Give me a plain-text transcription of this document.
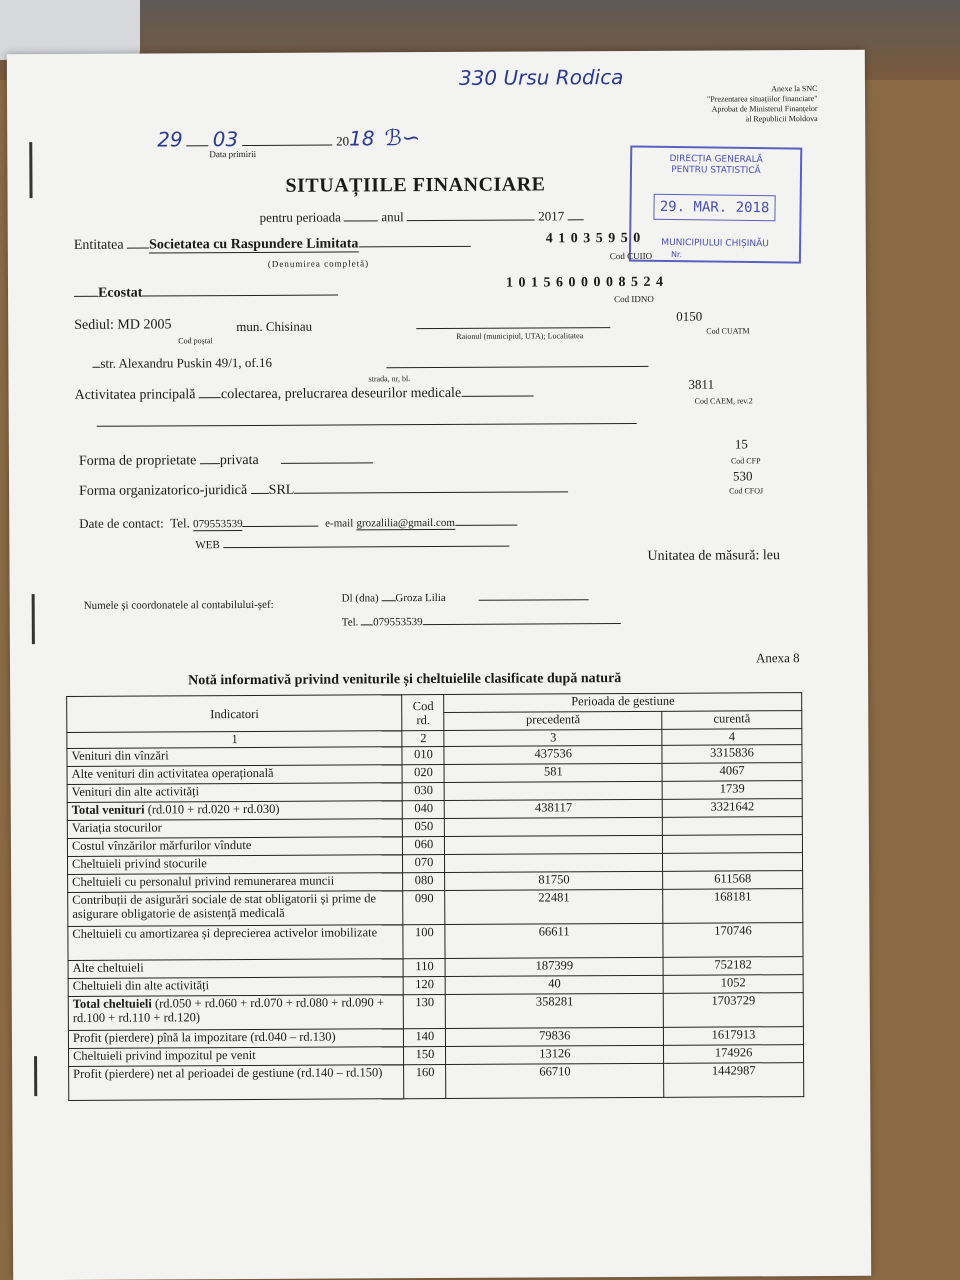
330 Ursu Rodica	Anexe la SNC
"Prezentarea situațiilor financiare"
Aprobat de Ministerul Finanțelor
al Republicii Moldova
29 03	2018 ℬ∽
Data primirii	DIRECȚIA GENERALĂ
PENTRU STATISTICĂ
29. MAR. 2018
MUNICIPIULUI CHIȘINĂU
Nr.
SITUAȚIILE FINANCIARE
pentru perioada	anul	2017
Entitatea Societatea cu Raspundere Limitata	4 1 0 3 5 9 5 0
Cod CUIIO
(Denumirea completă)
Ecostat
1 0 1 5 6 0 0 0 0 8 5 2 4
Cod IDNO
Sediul: MD 2005
Cod poștal
mun. Chisinau
Raionul (municipiul, UTA); Localitatea
0150
Cod CUATM
str. Alexandru Puskin 49/1, of.16
strada, nr, bl.
Activitatea principală colectarea, prelucrarea deseurilor medicale
3811
Cod CAEM, rev.2
Forma de proprietate privata
15
Cod CFP
Forma organizatorico-juridică SRL
530
Cod CFOJ
Date de contact: Tel. 079553539	e-mail grozalilia@gmail.com
WEB
Unitatea de măsură: leu
Numele și coordonatele al contabilului-șef:
Dl (dna) Groza Lilia
Tel. 079553539
Anexa 8
Notă informativă privind veniturile și cheltuielile clasificate după natură
Indicatori	Cod rd.	Perioada de gestiune	
		precedentă	curentă
1	2	3	4
Venituri din vînzări	010	437536	3315836
Alte venituri din activitatea operațională	020	581	4067
Venituri din alte activități	030		1739
Total venituri (rd.010 + rd.020 + rd.030)	040	438117	3321642
Variația stocurilor	050		
Costul vînzărilor mărfurilor vîndute	060		
Cheltuieli privind stocurile	070		
Cheltuieli cu personalul privind remunerarea muncii	080	81750	611568
Contribuții de asigurări sociale de stat obligatorii și prime de asigurare obligatorie de asistență medicală	090	22481	168181
Cheltuieli cu amortizarea și deprecierea activelor imobilizate	100	66611	170746
Alte cheltuieli	110	187399	752182
Cheltuieli din alte activități	120	40	1052
Total cheltuieli (rd.050 + rd.060 + rd.070 + rd.080 + rd.090 + rd.100 + rd.110 + rd.120)	130	358281	1703729
Profit (pierdere) pînă la impozitare (rd.040 – rd.130)	140	79836	1617913
Cheltuieli privind impozitul pe venit	150	13126	174926
Profit (pierdere) net al perioadei de gestiune (rd.140 – rd.150)	160	66710	1442987
